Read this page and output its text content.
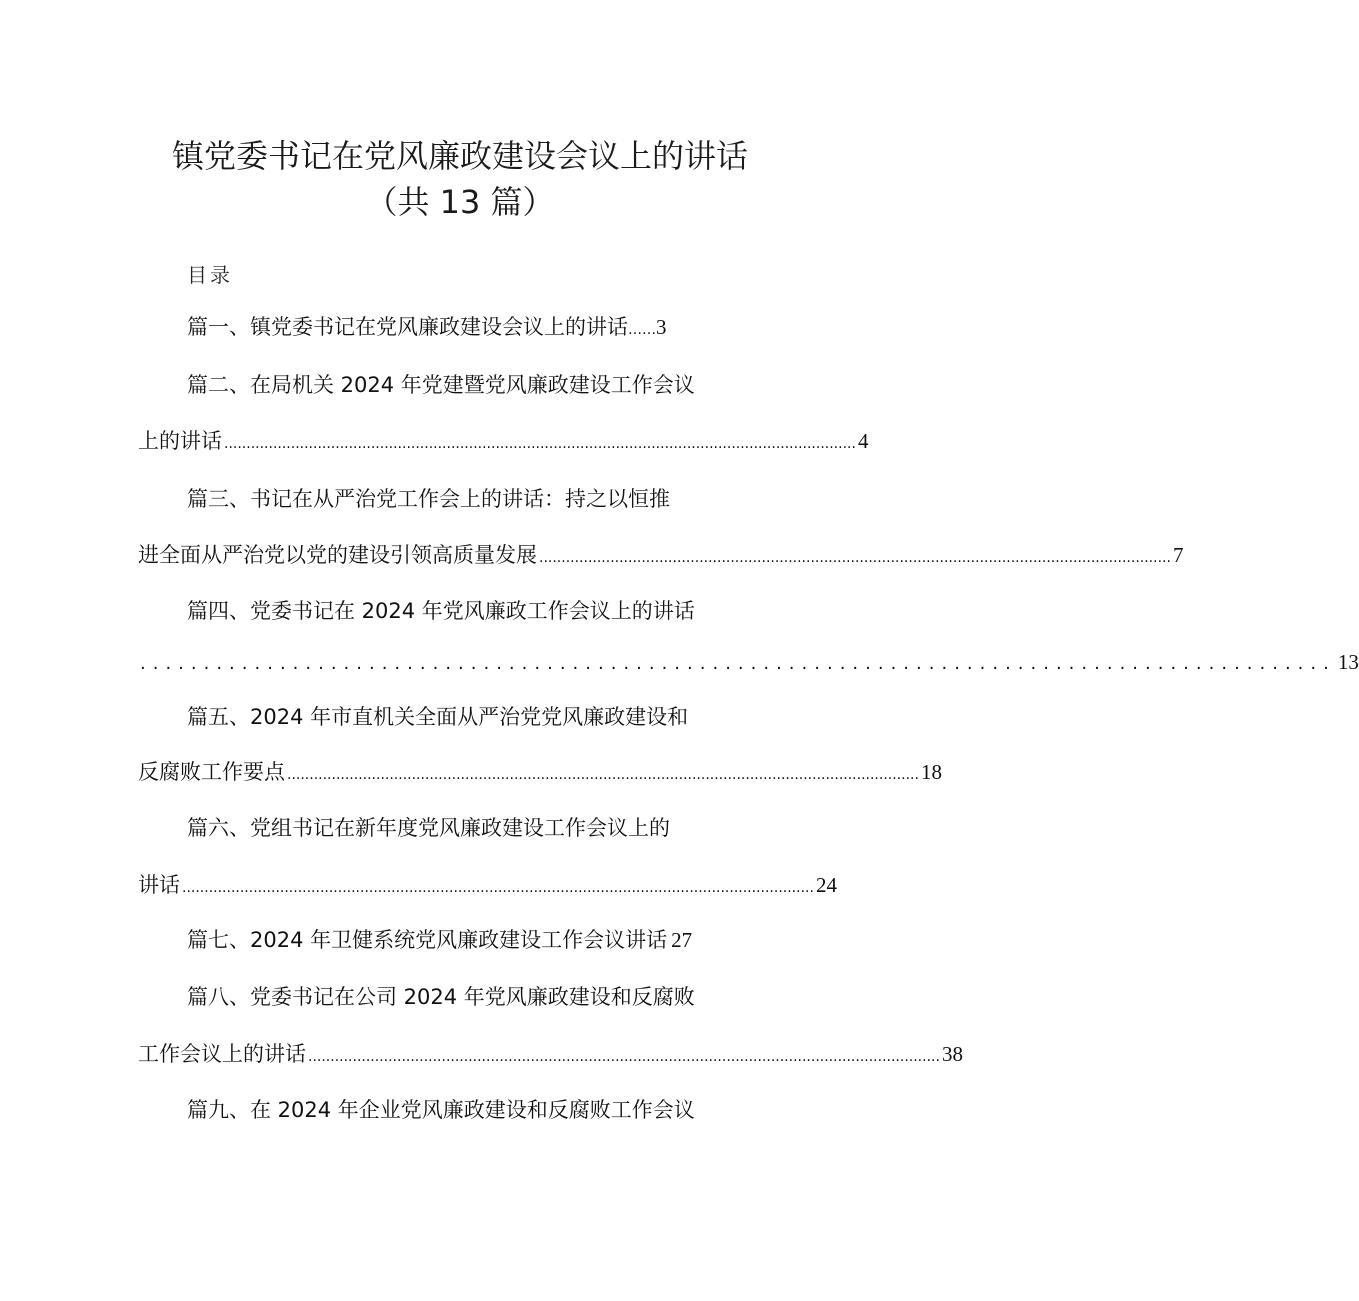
镇党委书记在党风廉政建设会议上的讲话
（共 13 篇）
目录
篇一、镇党委书记在党风廉政建设会议上的讲话 …… 3
篇二、在局机关 2024 年党建暨党风廉政建设工作会议
上的讲话 .............................................................................................................................................. 4
篇三、书记在从严治党工作会上的讲话：持之以恒推
进全面从严治党以党的建设引领高质量发展 .............................................................................................................................................. 7
篇四、党委书记在 2024 年党风廉政工作会议上的讲话
.............................................................................................. 13
篇五、2024 年市直机关全面从严治党党风廉政建设和
反腐败工作要点 .............................................................................................................................................. 18
篇六、党组书记在新年度党风廉政建设工作会议上的
讲话 .............................................................................................................................................. 24
篇七、2024 年卫健系统党风廉政建设工作会议讲话 27
篇八、党委书记在公司 2024 年党风廉政建设和反腐败
工作会议上的讲话 .............................................................................................................................................. 38
篇九、在 2024 年企业党风廉政建设和反腐败工作会议
